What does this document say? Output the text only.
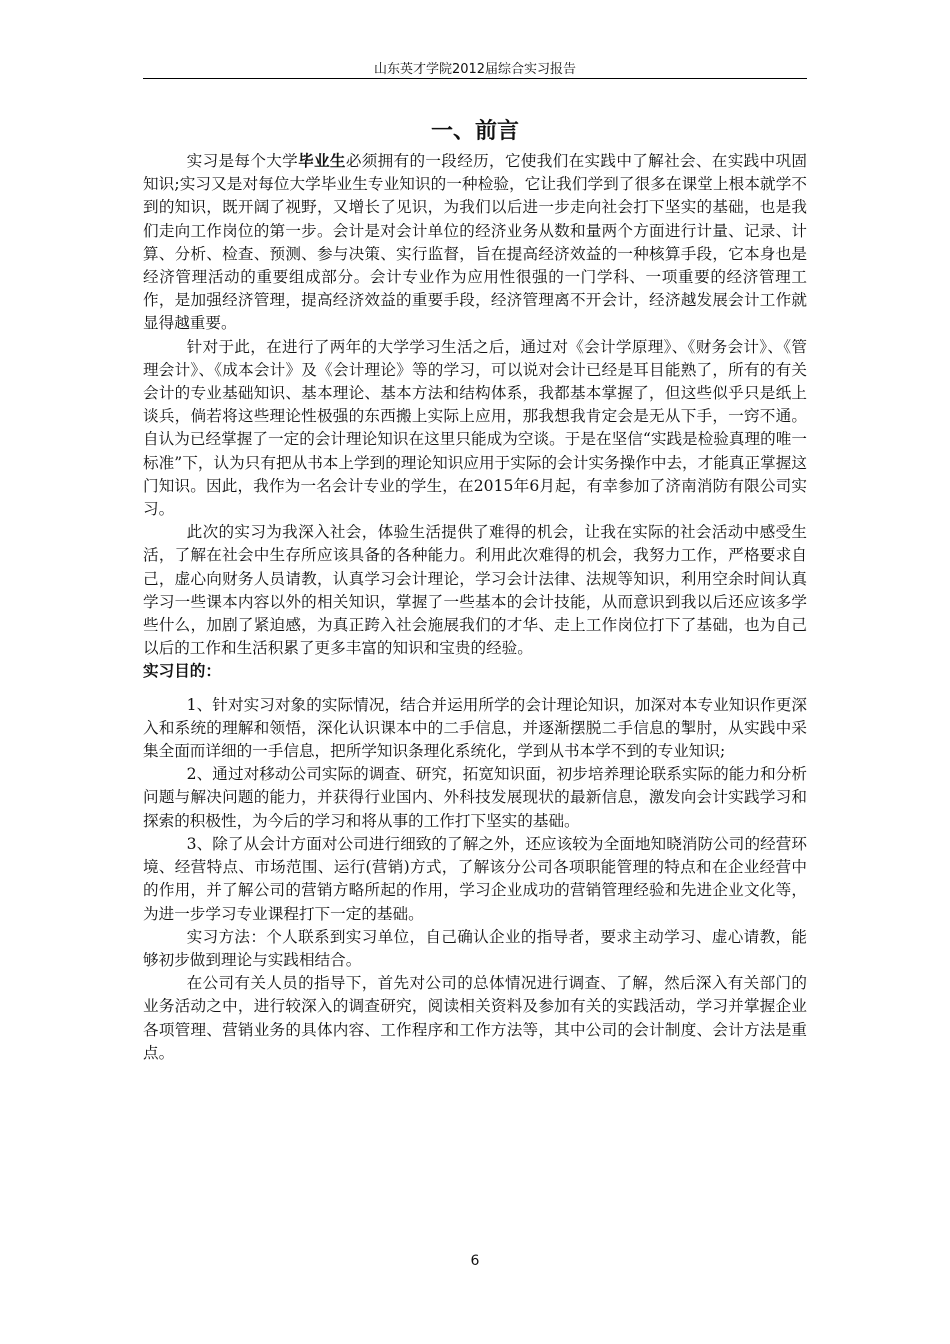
山东英才学院2012届综合实习报告
一、前言

实习是每个大学毕业生必须拥有的一段经历，它使我们在实践中了解社会、在实践中巩固知识;实习又是对每位大学毕业生专业知识的一种检验，它让我们学到了很多在课堂上根本就学不到的知识，既开阔了视野，又增长了见识，为我们以后进一步走向社会打下坚实的基础，也是我们走向工作岗位的第一步。会计是对会计单位的经济业务从数和量两个方面进行计量、记录、计算、分析、检查、预测、参与决策、实行监督，旨在提高经济效益的一种核算手段，它本身也是经济管理活动的重要组成部分。会计专业作为应用性很强的一门学科、一项重要的经济管理工作，是加强经济管理，提高经济效益的重要手段，经济管理离不开会计，经济越发展会计工作就显得越重要。

针对于此，在进行了两年的大学学习生活之后，通过对《会计学原理》、《财务会计》、《管理会计》、《成本会计》及《会计理论》等的学习，可以说对会计已经是耳目能熟了，所有的有关会计的专业基础知识、基本理论、基本方法和结构体系，我都基本掌握了，但这些似乎只是纸上谈兵，倘若将这些理论性极强的东西搬上实际上应用，那我想我肯定会是无从下手，一窍不通。自认为已经掌握了一定的会计理论知识在这里只能成为空谈。于是在坚信“实践是检验真理的唯一标准”下，认为只有把从书本上学到的理论知识应用于实际的会计实务操作中去，才能真正掌握这门知识。因此，我作为一名会计专业的学生，在2015年6月起，有幸参加了济南消防有限公司实习。

此次的实习为我深入社会，体验生活提供了难得的机会，让我在实际的社会活动中感受生活，了解在社会中生存所应该具备的各种能力。利用此次难得的机会，我努力工作，严格要求自己，虚心向财务人员请教，认真学习会计理论，学习会计法律、法规等知识，利用空余时间认真学习一些课本内容以外的相关知识，掌握了一些基本的会计技能，从而意识到我以后还应该多学些什么，加剧了紧迫感，为真正跨入社会施展我们的才华、走上工作岗位打下了基础，也为自己以后的工作和生活积累了更多丰富的知识和宝贵的经验。

实习目的：

1、针对实习对象的实际情况，结合并运用所学的会计理论知识，加深对本专业知识作更深入和系统的理解和领悟，深化认识课本中的二手信息，并逐渐摆脱二手信息的掣肘，从实践中采集全面而详细的一手信息，把所学知识条理化系统化，学到从书本学不到的专业知识;

2、通过对移动公司实际的调查、研究，拓宽知识面，初步培养理论联系实际的能力和分析问题与解决问题的能力，并获得行业国内、外科技发展现状的最新信息，激发向会计实践学习和探索的积极性，为今后的学习和将从事的工作打下坚实的基础。

3、除了从会计方面对公司进行细致的了解之外，还应该较为全面地知晓消防公司的经营环境、经营特点、市场范围、运行(营销)方式，了解该分公司各项职能管理的特点和在企业经营中的作用，并了解公司的营销方略所起的作用，学习企业成功的营销管理经验和先进企业文化等，为进一步学习专业课程打下一定的基础。

实习方法：个人联系到实习单位，自己确认企业的指导者，要求主动学习、虚心请教，能够初步做到理论与实践相结合。

在公司有关人员的指导下，首先对公司的总体情况进行调查、了解，然后深入有关部门的业务活动之中，进行较深入的调查研究，阅读相关资料及参加有关的实践活动，学习并掌握企业各项管理、营销业务的具体内容、工作程序和工作方法等，其中公司的会计制度、会计方法是重点。

6
